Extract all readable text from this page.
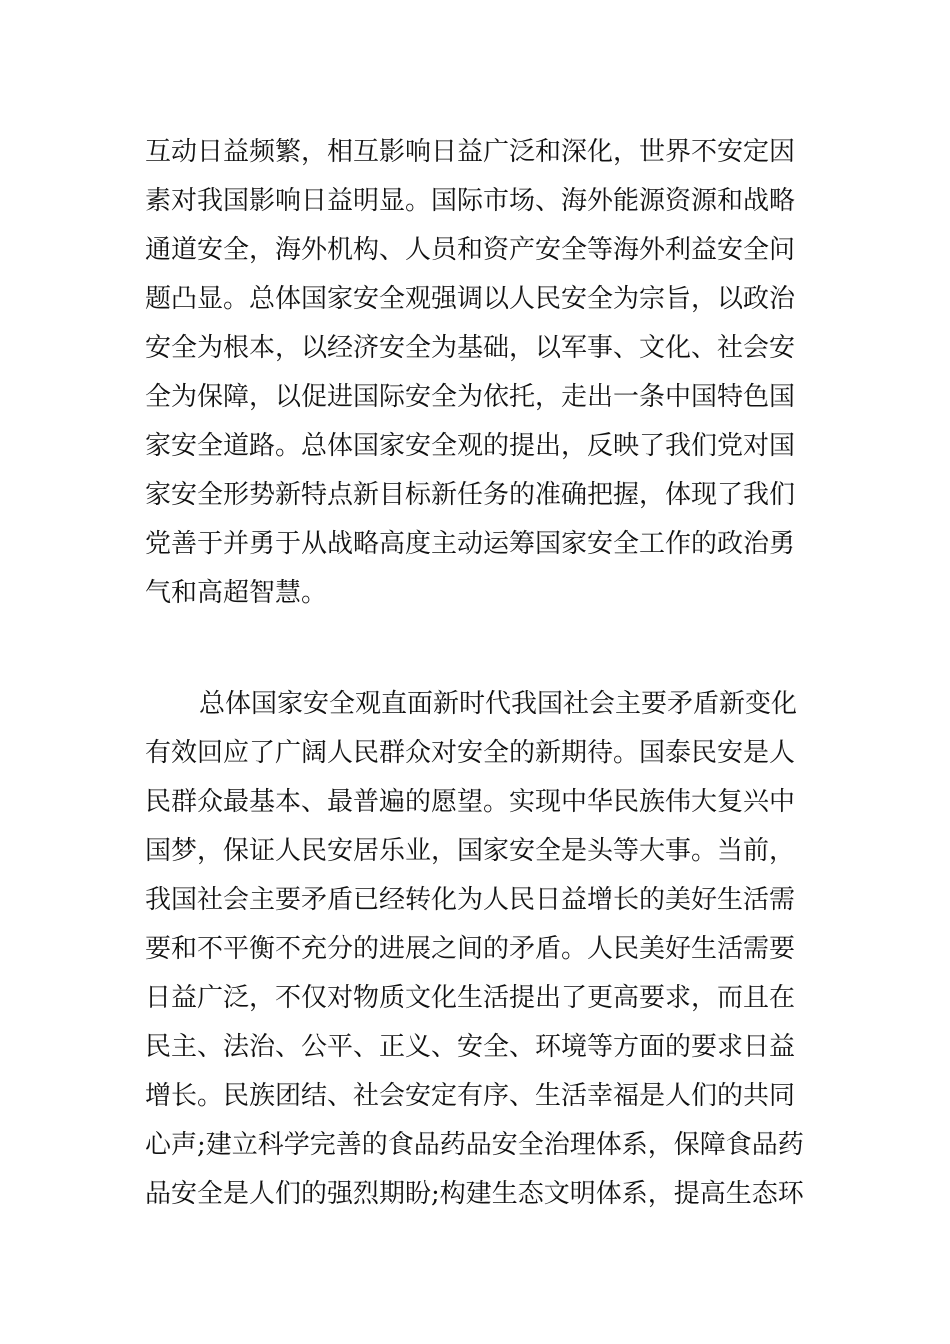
互动日益频繁，相互影响日益广泛和深化，世界不安定因
素对我国影响日益明显。国际市场、海外能源资源和战略
通道安全，海外机构、人员和资产安全等海外利益安全问
题凸显。总体国家安全观强调以人民安全为宗旨，以政治
安全为根本，以经济安全为基础，以军事、文化、社会安
全为保障，以促进国际安全为依托，走出一条中国特色国
家安全道路。总体国家安全观的提出，反映了我们党对国
家安全形势新特点新目标新任务的准确把握，体现了我们
党善于并勇于从战略高度主动运筹国家安全工作的政治勇
气和高超智慧。
总体国家安全观直面新时代我国社会主要矛盾新变化
有效回应了广阔人民群众对安全的新期待。国泰民安是人
民群众最基本、最普遍的愿望。实现中华民族伟大复兴中
国梦，保证人民安居乐业，国家安全是头等大事。当前，
我国社会主要矛盾已经转化为人民日益增长的美好生活需
要和不平衡不充分的进展之间的矛盾。人民美好生活需要
日益广泛，不仅对物质文化生活提出了更高要求，而且在
民主、法治、公平、正义、安全、环境等方面的要求日益
增长。民族团结、社会安定有序、生活幸福是人们的共同
心声;建立科学完善的食品药品安全治理体系，保障食品药
品安全是人们的强烈期盼;构建生态文明体系，提高生态环
